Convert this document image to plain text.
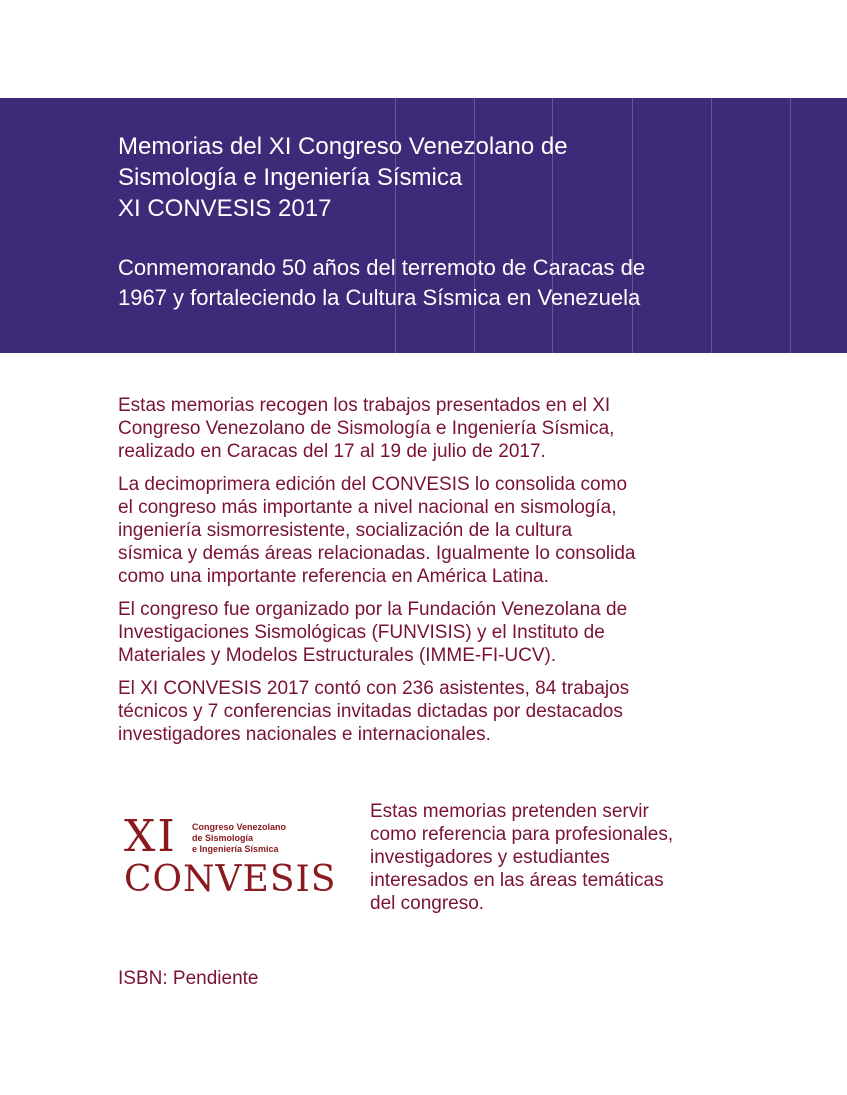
Memorias del XI Congreso Venezolano de
Sismología e Ingeniería Sísmica
XI CONVESIS 2017
Conmemorando 50 años del terremoto de Caracas de
1967 y fortaleciendo la Cultura Sísmica en Venezuela

Estas memorias recogen los trabajos presentados en el XI
Congreso Venezolano de Sismología e Ingeniería Sísmica,
realizado en Caracas del 17 al 19 de julio de 2017.

La decimoprimera edición del CONVESIS lo consolida como
el congreso más importante a nivel nacional en sismología,
ingeniería sismorresistente, socialización de la cultura
sísmica y demás áreas relacionadas. Igualmente lo consolida
como una importante referencia en América Latina.

El congreso fue organizado por la Fundación Venezolana de
Investigaciones Sismológicas (FUNVISIS) y el Instituto de
Materiales y Modelos Estructurales (IMME-FI-UCV).

El XI CONVESIS 2017 contó con 236 asistentes, 84 trabajos
técnicos y 7 conferencias invitadas dictadas por destacados
investigadores nacionales e internacionales.

XI Congreso Venezolano
de Sismología
e Ingeniería Sísmica
CONVESIS
Estas memorias pretenden servir
como referencia para profesionales,
investigadores y estudiantes
interesados en las áreas temáticas
del congreso.
ISBN: Pendiente
